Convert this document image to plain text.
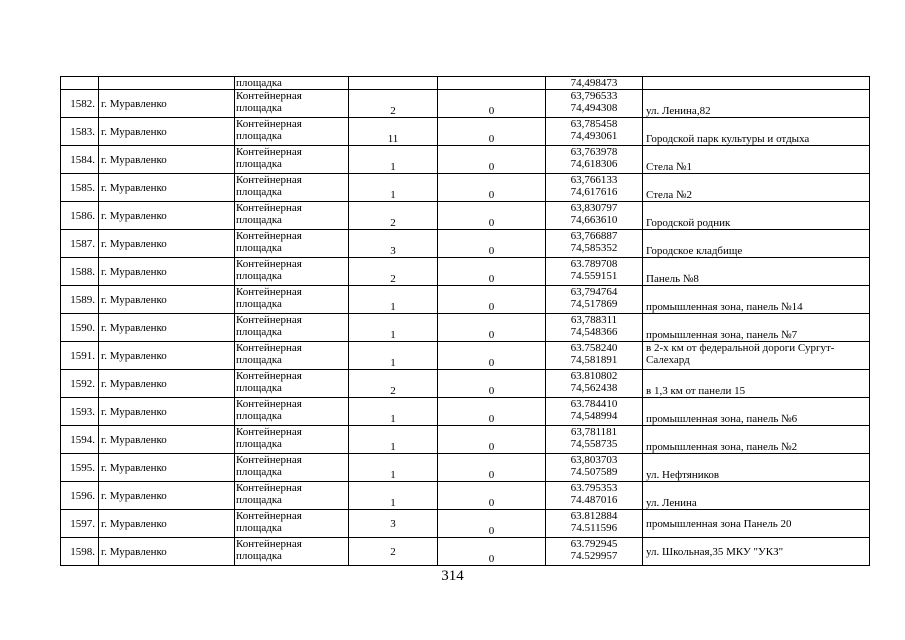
		площадка			74,498473	
1582.	г. Муравленко	Контейнерная
площадка	2	0	63,796533
74,494308	ул. Ленина,82
1583.	г. Муравленко	Контейнерная
площадка	11	0	63,785458
74,493061	Городской парк культуры и отдыха
1584.	г. Муравленко	Контейнерная
площадка	1	0	63,763978
74,618306	Стела №1
1585.	г. Муравленко	Контейнерная
площадка	1	0	63,766133
74,617616	Стела №2
1586.	г. Муравленко	Контейнерная
площадка	2	0	63,830797
74,663610	Городской родник
1587.	г. Муравленко	Контейнерная
площадка	3	0	63,766887
74,585352	Городское кладбище
1588.	г. Муравленко	Контейнерная
площадка	2	0	63.789708
74.559151	Панель №8
1589.	г. Муравленко	Контейнерная
площадка	1	0	63,794764
74,517869	промышленная зона, панель №14
1590.	г. Муравленко	Контейнерная
площадка	1	0	63,788311
74,548366	промышленная зона, панель №7
1591.	г. Муравленко	Контейнерная
площадка	1	0	63.758240
74,581891	в 2-х км от федеральной дороги Сургут-Салехард
1592.	г. Муравленко	Контейнерная
площадка	2	0	63.810802
74,562438	в 1,3 км от панели 15
1593.	г. Муравленко	Контейнерная
площадка	1	0	63.784410
74,548994	промышленная зона, панель №6
1594.	г. Муравленко	Контейнерная
площадка	1	0	63,781181
74,558735	промышленная зона, панель №2
1595.	г. Муравленко	Контейнерная
площадка	1	0	63,803703
74.507589	ул. Нефтяников
1596.	г. Муравленко	Контейнерная
площадка	1	0	63.795353
74.487016	ул. Ленина
1597.	г. Муравленко	Контейнерная
площадка	3	0	63.812884
74.511596	промышленная зона Панель 20
1598.	г. Муравленко	Контейнерная
площадка	2	0	63.792945
74.529957	ул. Школьная,35 МКУ "УКЗ"
314
